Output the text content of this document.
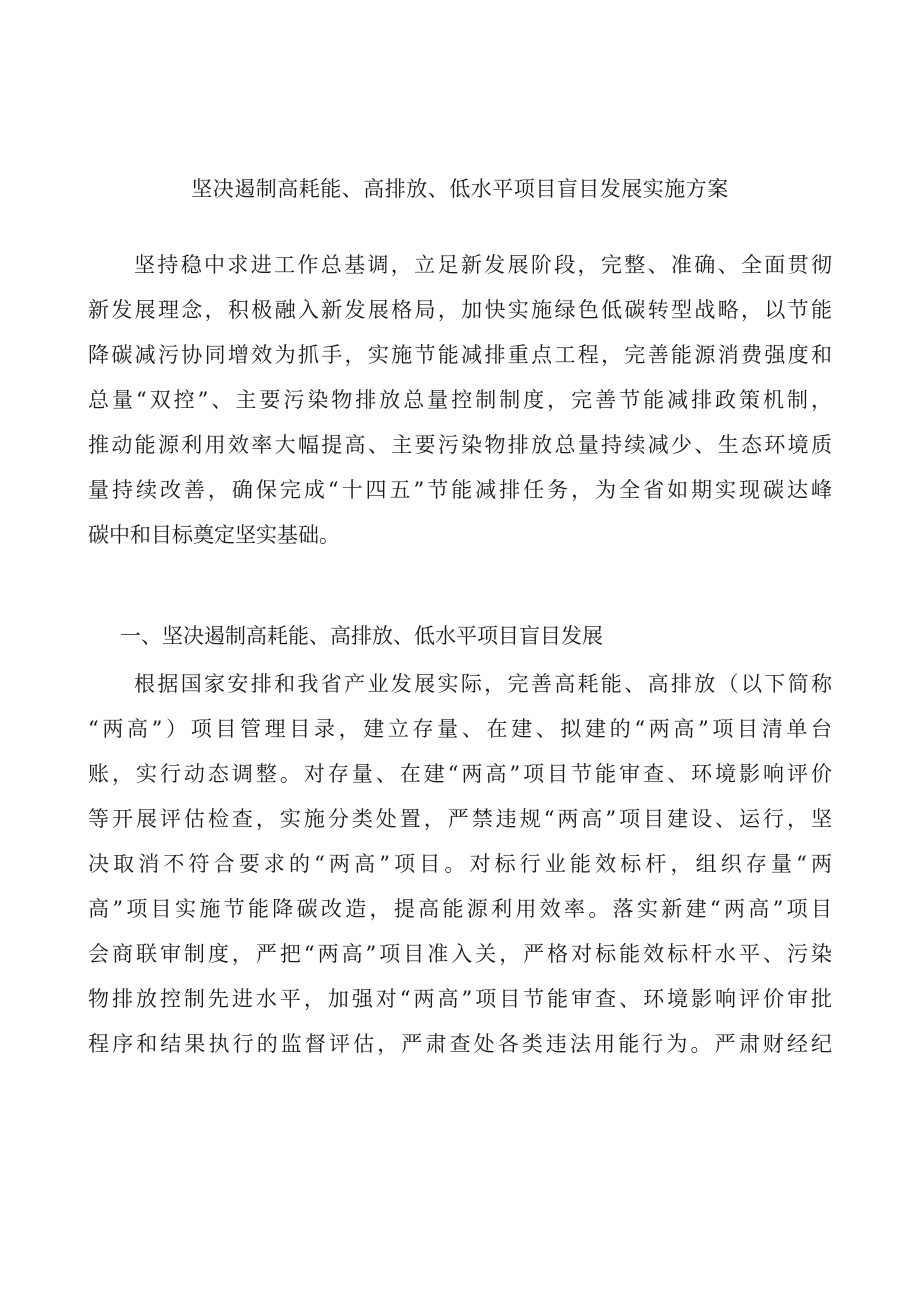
坚决遏制高耗能、高排放、低水平项目盲目发展实施方案
坚持稳中求进工作总基调，立足新发展阶段，完整、准确、全面贯彻
新发展理念，积极融入新发展格局，加快实施绿色低碳转型战略，以节能
降碳减污协同增效为抓手，实施节能减排重点工程，完善能源消费强度和
总量“双控”、主要污染物排放总量控制制度，完善节能减排政策机制，
推动能源利用效率大幅提高、主要污染物排放总量持续减少、生态环境质
量持续改善，确保完成“十四五”节能减排任务，为全省如期实现碳达峰
碳中和目标奠定坚实基础。
一、坚决遏制高耗能、高排放、低水平项目盲目发展
根据国家安排和我省产业发展实际，完善高耗能、高排放（以下简称
“两高”）项目管理目录，建立存量、在建、拟建的“两高”项目清单台
账，实行动态调整。对存量、在建“两高”项目节能审查、环境影响评价
等开展评估检查，实施分类处置，严禁违规“两高”项目建设、运行，坚
决取消不符合要求的“两高”项目。对标行业能效标杆，组织存量“两
高”项目实施节能降碳改造，提高能源利用效率。落实新建“两高”项目
会商联审制度，严把“两高”项目准入关，严格对标能效标杆水平、污染
物排放控制先进水平，加强对“两高”项目节能审查、环境影响评价审批
程序和结果执行的监督评估，严肃查处各类违法用能行为。严肃财经纪
